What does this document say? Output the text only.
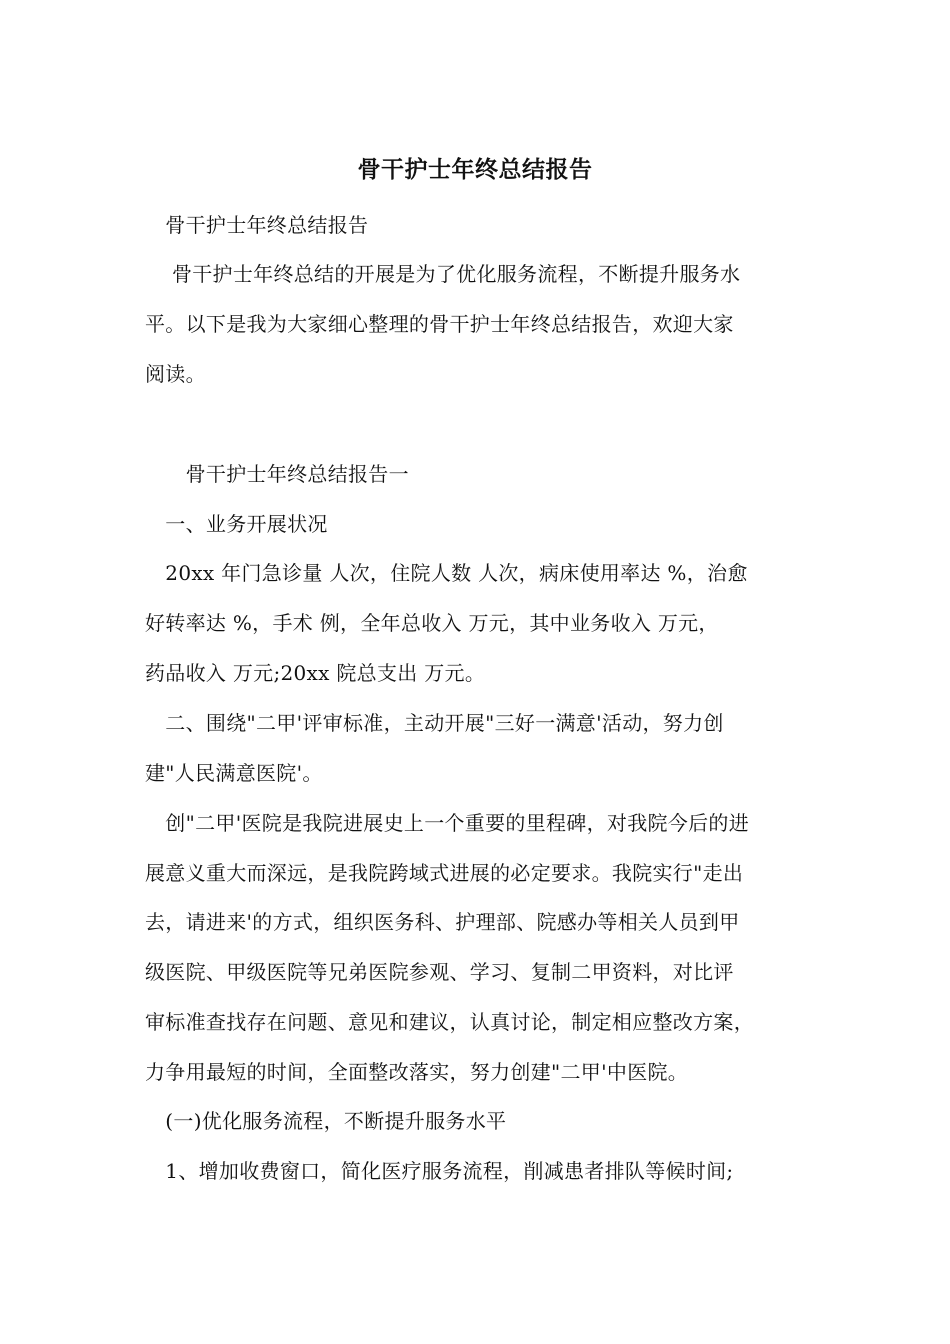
骨干护士年终总结报告
　骨干护士年终总结报告
　 骨干护士年终总结的开展是为了优化服务流程，不断提升服务水
平。以下是我为大家细心整理的骨干护士年终总结报告，欢迎大家
阅读。
　　骨干护士年终总结报告一
　一、业务开展状况
　20xx 年门急诊量 人次，住院人数 人次，病床使用率达 %，治愈
好转率达 %，手术 例，全年总收入 万元，其中业务收入 万元，
药品收入 万元;20xx 院总支出 万元。
　二、围绕"二甲'评审标准，主动开展"三好一满意'活动，努力创
建"人民满意医院'。
　创"二甲'医院是我院进展史上一个重要的里程碑，对我院今后的进
展意义重大而深远，是我院跨域式进展的必定要求。我院实行"走出
去，请进来'的方式，组织医务科、护理部、院感办等相关人员到甲
级医院、甲级医院等兄弟医院参观、学习、复制二甲资料，对比评
审标准查找存在问题、意见和建议，认真讨论，制定相应整改方案，
力争用最短的时间，全面整改落实，努力创建"二甲'中医院。
　(一)优化服务流程，不断提升服务水平
　1、增加收费窗口，简化医疗服务流程，削减患者排队等候时间;
